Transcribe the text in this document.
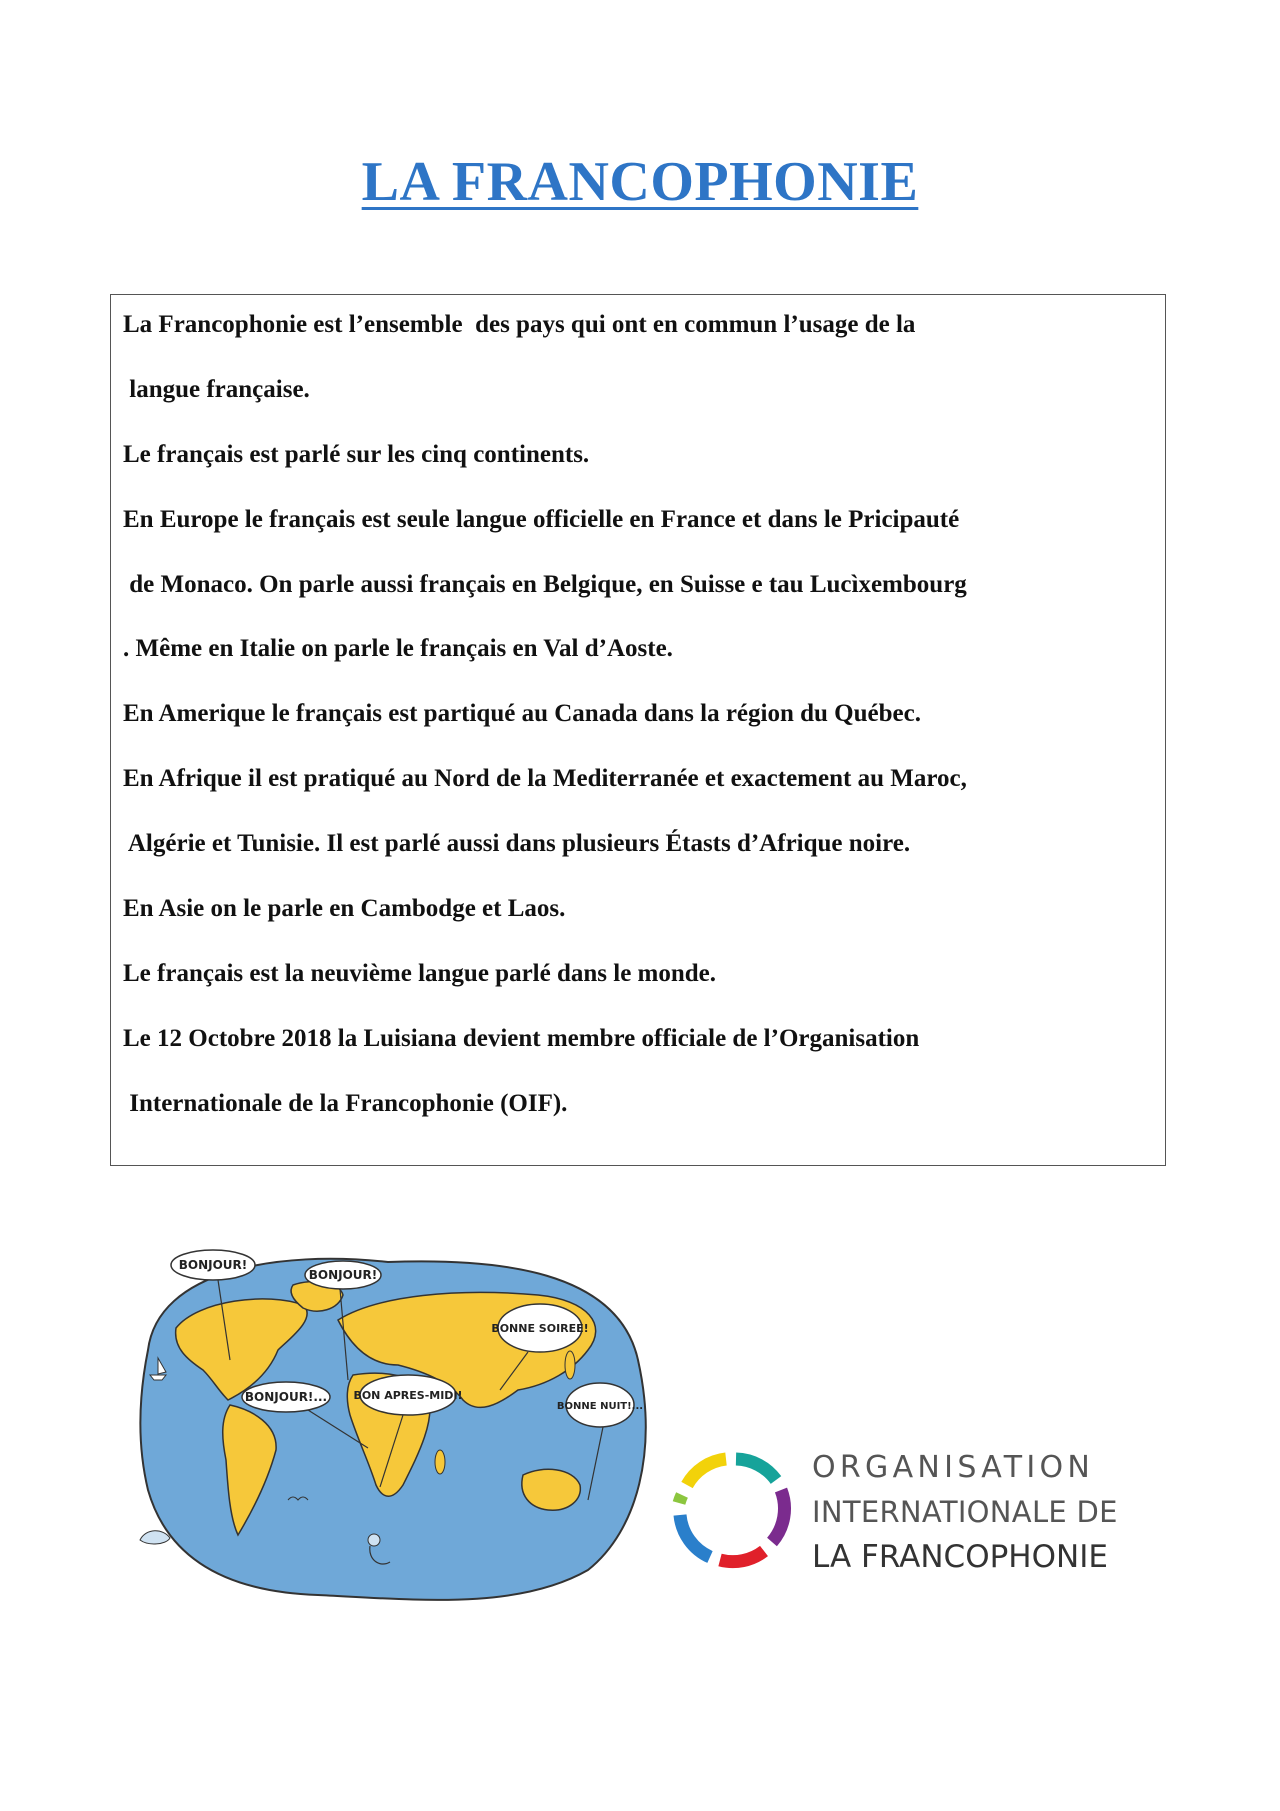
LA FRANCOPHONIE
La Francophonie est l’ensemble  des pays qui ont en commun l’usage de la
langue française.
Le français est parlé sur les cinq continents.
En Europe le français est seule langue officielle en France et dans le Pricipauté
de Monaco. On parle aussi français en Belgique, en Suisse e tau Lucìxembourg
. Même en Italie on parle le français en Val d’Aoste.
En Amerique le français est partiqué au Canada dans la région du Québec.
En Afrique il est pratiqué au Nord de la Mediterranée et exactement au Maroc,
Algérie et Tunisie. Il est parlé aussi dans plusieurs Étasts d’Afrique noire.
En Asie on le parle en Cambodge et Laos.
Le français est la neuvième langue parlé dans le monde.
Le 12 Octobre 2018 la Luisiana devient membre officiale de l’Organisation
Internationale de la Francophonie (OIF).
BONJOUR!
BONJOUR!
BONJOUR!... BON APRES-MIDI!
BONNE SOIREE!
BONNE NUIT!...
ORGANISATION
INTERNATIONALE DE
LA FRANCOPHONIE
